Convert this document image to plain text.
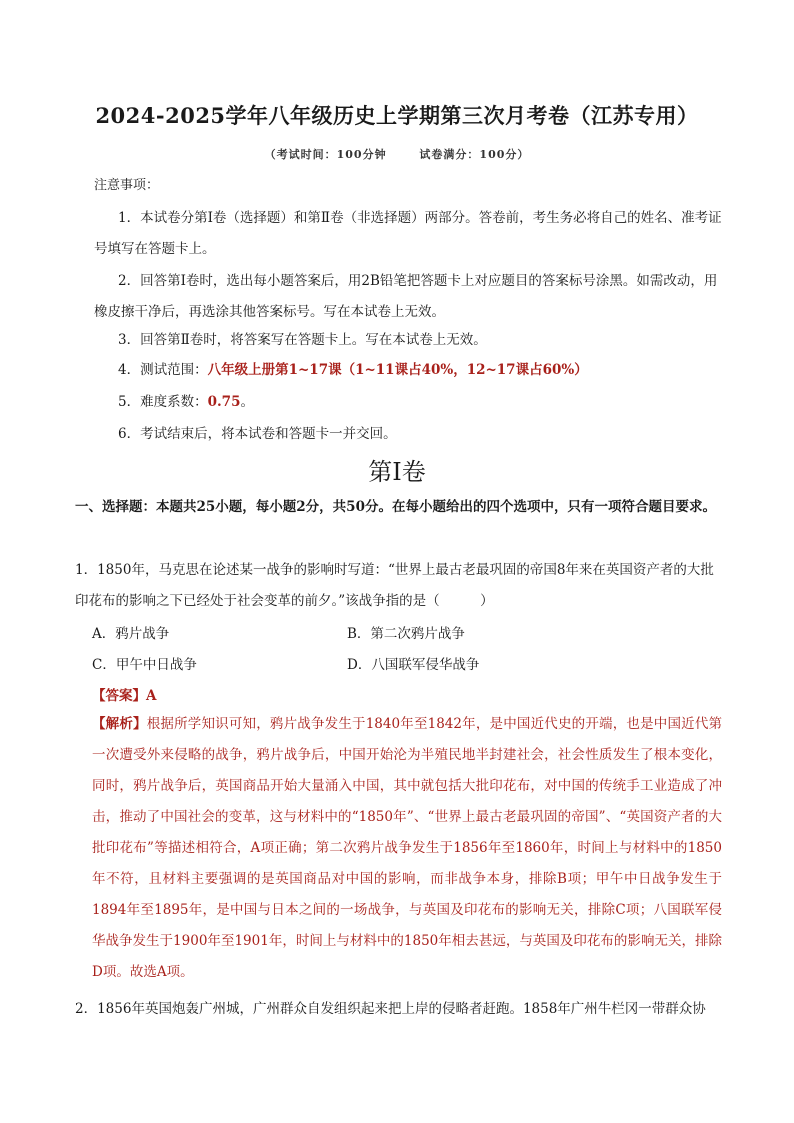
2024-2025学年八年级历史上学期第三次月考卷（江苏专用）
（考试时间：100分钟	试卷满分：100分）
注意事项：
1．本试卷分第Ⅰ卷（选择题）和第Ⅱ卷（非选择题）两部分。答卷前，考生务必将自己的姓名、准考证号填写在答题卡上。
2．回答第Ⅰ卷时，选出每小题答案后，用2B铅笔把答题卡上对应题目的答案标号涂黑。如需改动，用橡皮擦干净后，再选涂其他答案标号。写在本试卷上无效。
3．回答第Ⅱ卷时，将答案写在答题卡上。写在本试卷上无效。
4．测试范围：八年级上册第1~17课（1~11课占40%，12~17课占60%）
5．难度系数：0.75。
6．考试结束后，将本试卷和答题卡一并交回。
第Ⅰ卷
一、选择题：本题共25小题，每小题2分，共50分。在每小题给出的四个选项中，只有一项符合题目要求。
1．1850年，马克思在论述某一战争的影响时写道：“世界上最古老最巩固的帝国8年来在英国资产者的大批印花布的影响之下已经处于社会变革的前夕。”该战争指的是（　　　）
A．鸦片战争	B．第二次鸦片战争
C．甲午中日战争	D．八国联军侵华战争
【答案】A
【解析】根据所学知识可知，鸦片战争发生于1840年至1842年，是中国近代史的开端，也是中国近代第一次遭受外来侵略的战争，鸦片战争后，中国开始沦为半殖民地半封建社会，社会性质发生了根本变化，同时，鸦片战争后，英国商品开始大量涌入中国，其中就包括大批印花布，对中国的传统手工业造成了冲击，推动了中国社会的变革，这与材料中的“1850年”、“世界上最古老最巩固的帝国”、“英国资产者的大批印花布”等描述相符合，A项正确；第二次鸦片战争发生于1856年至1860年，时间上与材料中的1850年不符，且材料主要强调的是英国商品对中国的影响，而非战争本身，排除B项；甲午中日战争发生于1894年至1895年，是中国与日本之间的一场战争，与英国及印花布的影响无关，排除C项；八国联军侵华战争发生于1900年至1901年，时间上与材料中的1850年相去甚远，与英国及印花布的影响无关，排除D项。故选A项。
2．1856年英国炮轰广州城，广州群众自发组织起来把上岸的侵略者赶跑。1858年广州牛栏冈一带群众协
